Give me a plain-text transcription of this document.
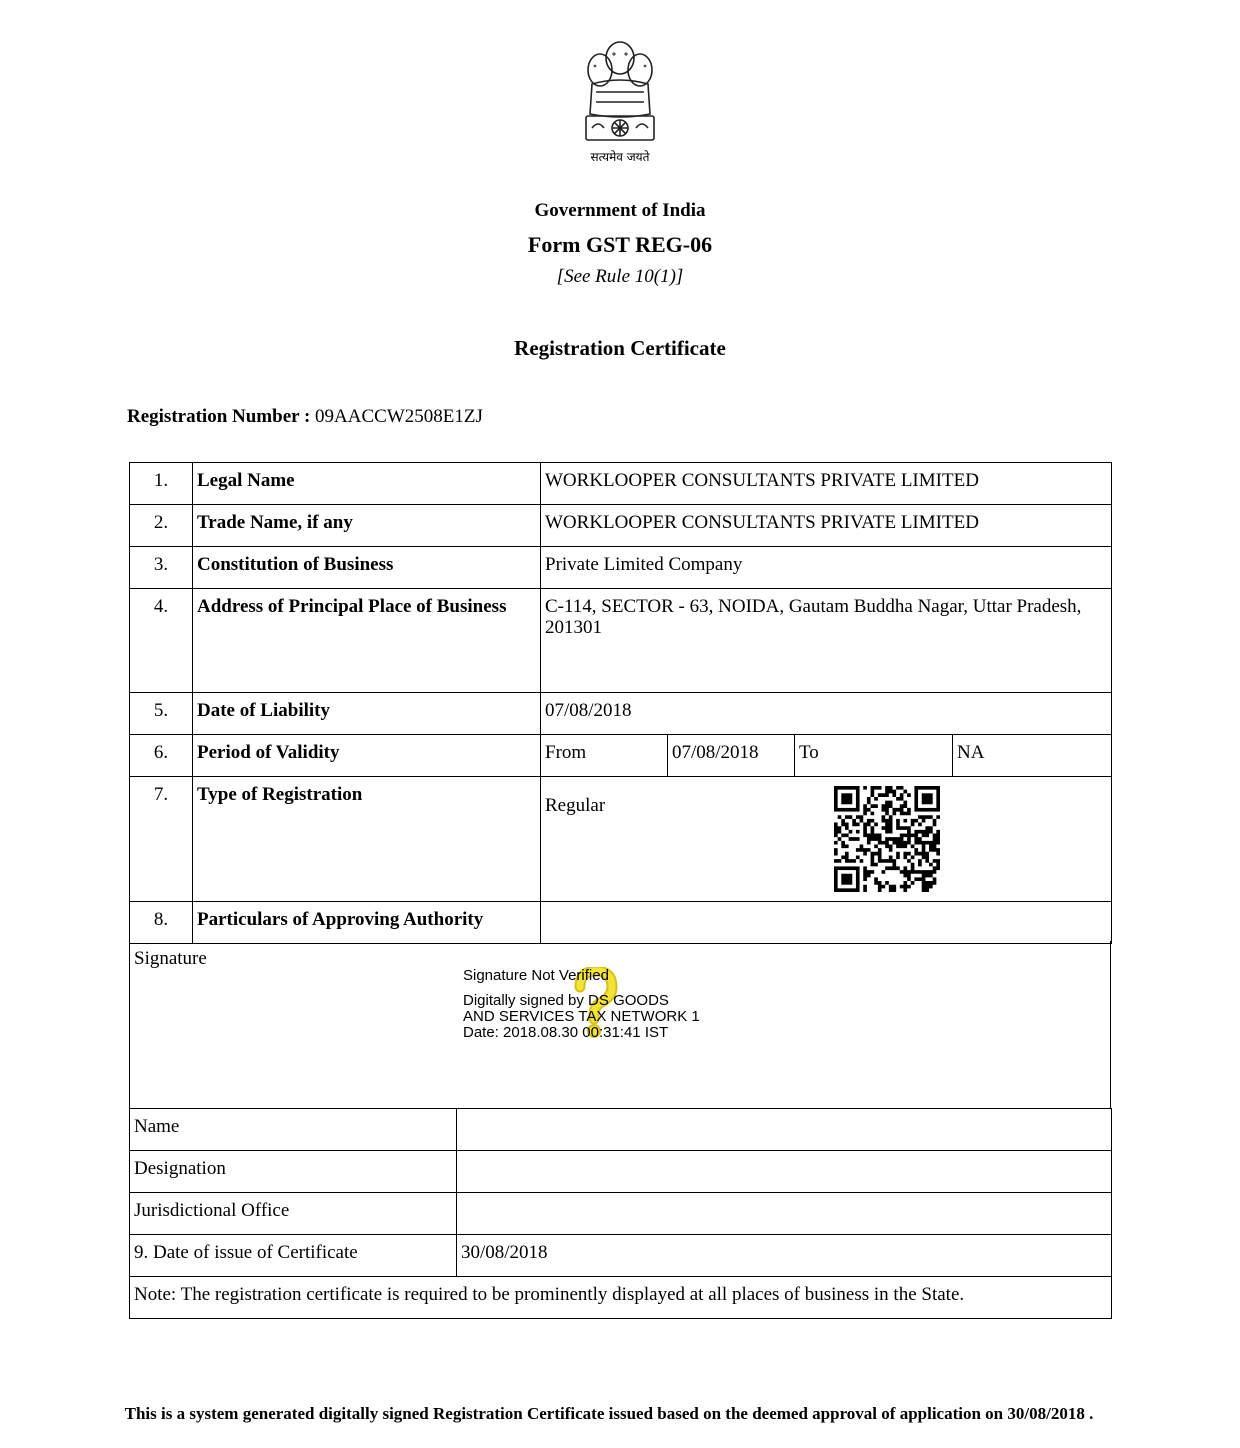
सत्यमेव जयते
Government of India
Form GST REG-06
[See Rule 10(1)]
Registration Certificate
Registration Number : 09AACCW2508E1ZJ
1.	Legal Name	WORKLOOPER CONSULTANTS PRIVATE LIMITED			
2.	Trade Name, if any	WORKLOOPER CONSULTANTS PRIVATE LIMITED			
3.	Constitution of Business	Private Limited Company			
4.	Address of Principal Place of Business	C-114, SECTOR - 63, NOIDA, Gautam Buddha Nagar, Uttar Pradesh, 201301			
5.	Date of Liability	07/08/2018			
6.	Period of Validity	From	07/08/2018	To	NA
7.	Type of Registration	Regular			
8.	Particulars of Approving Authority				
Signature
Signature Not Verified
Digitally signed by DS GOODS
AND SERVICES TAX NETWORK 1
Date: 2018.08.30 00:31:41 IST
Name	
Designation	
Jurisdictional Office	
9. Date of issue of Certificate	30/08/2018
Note: The registration certificate is required to be prominently displayed at all places of business in the State.	
This is a system generated digitally signed Registration Certificate issued based on the deemed approval of application on 30/08/2018 .
